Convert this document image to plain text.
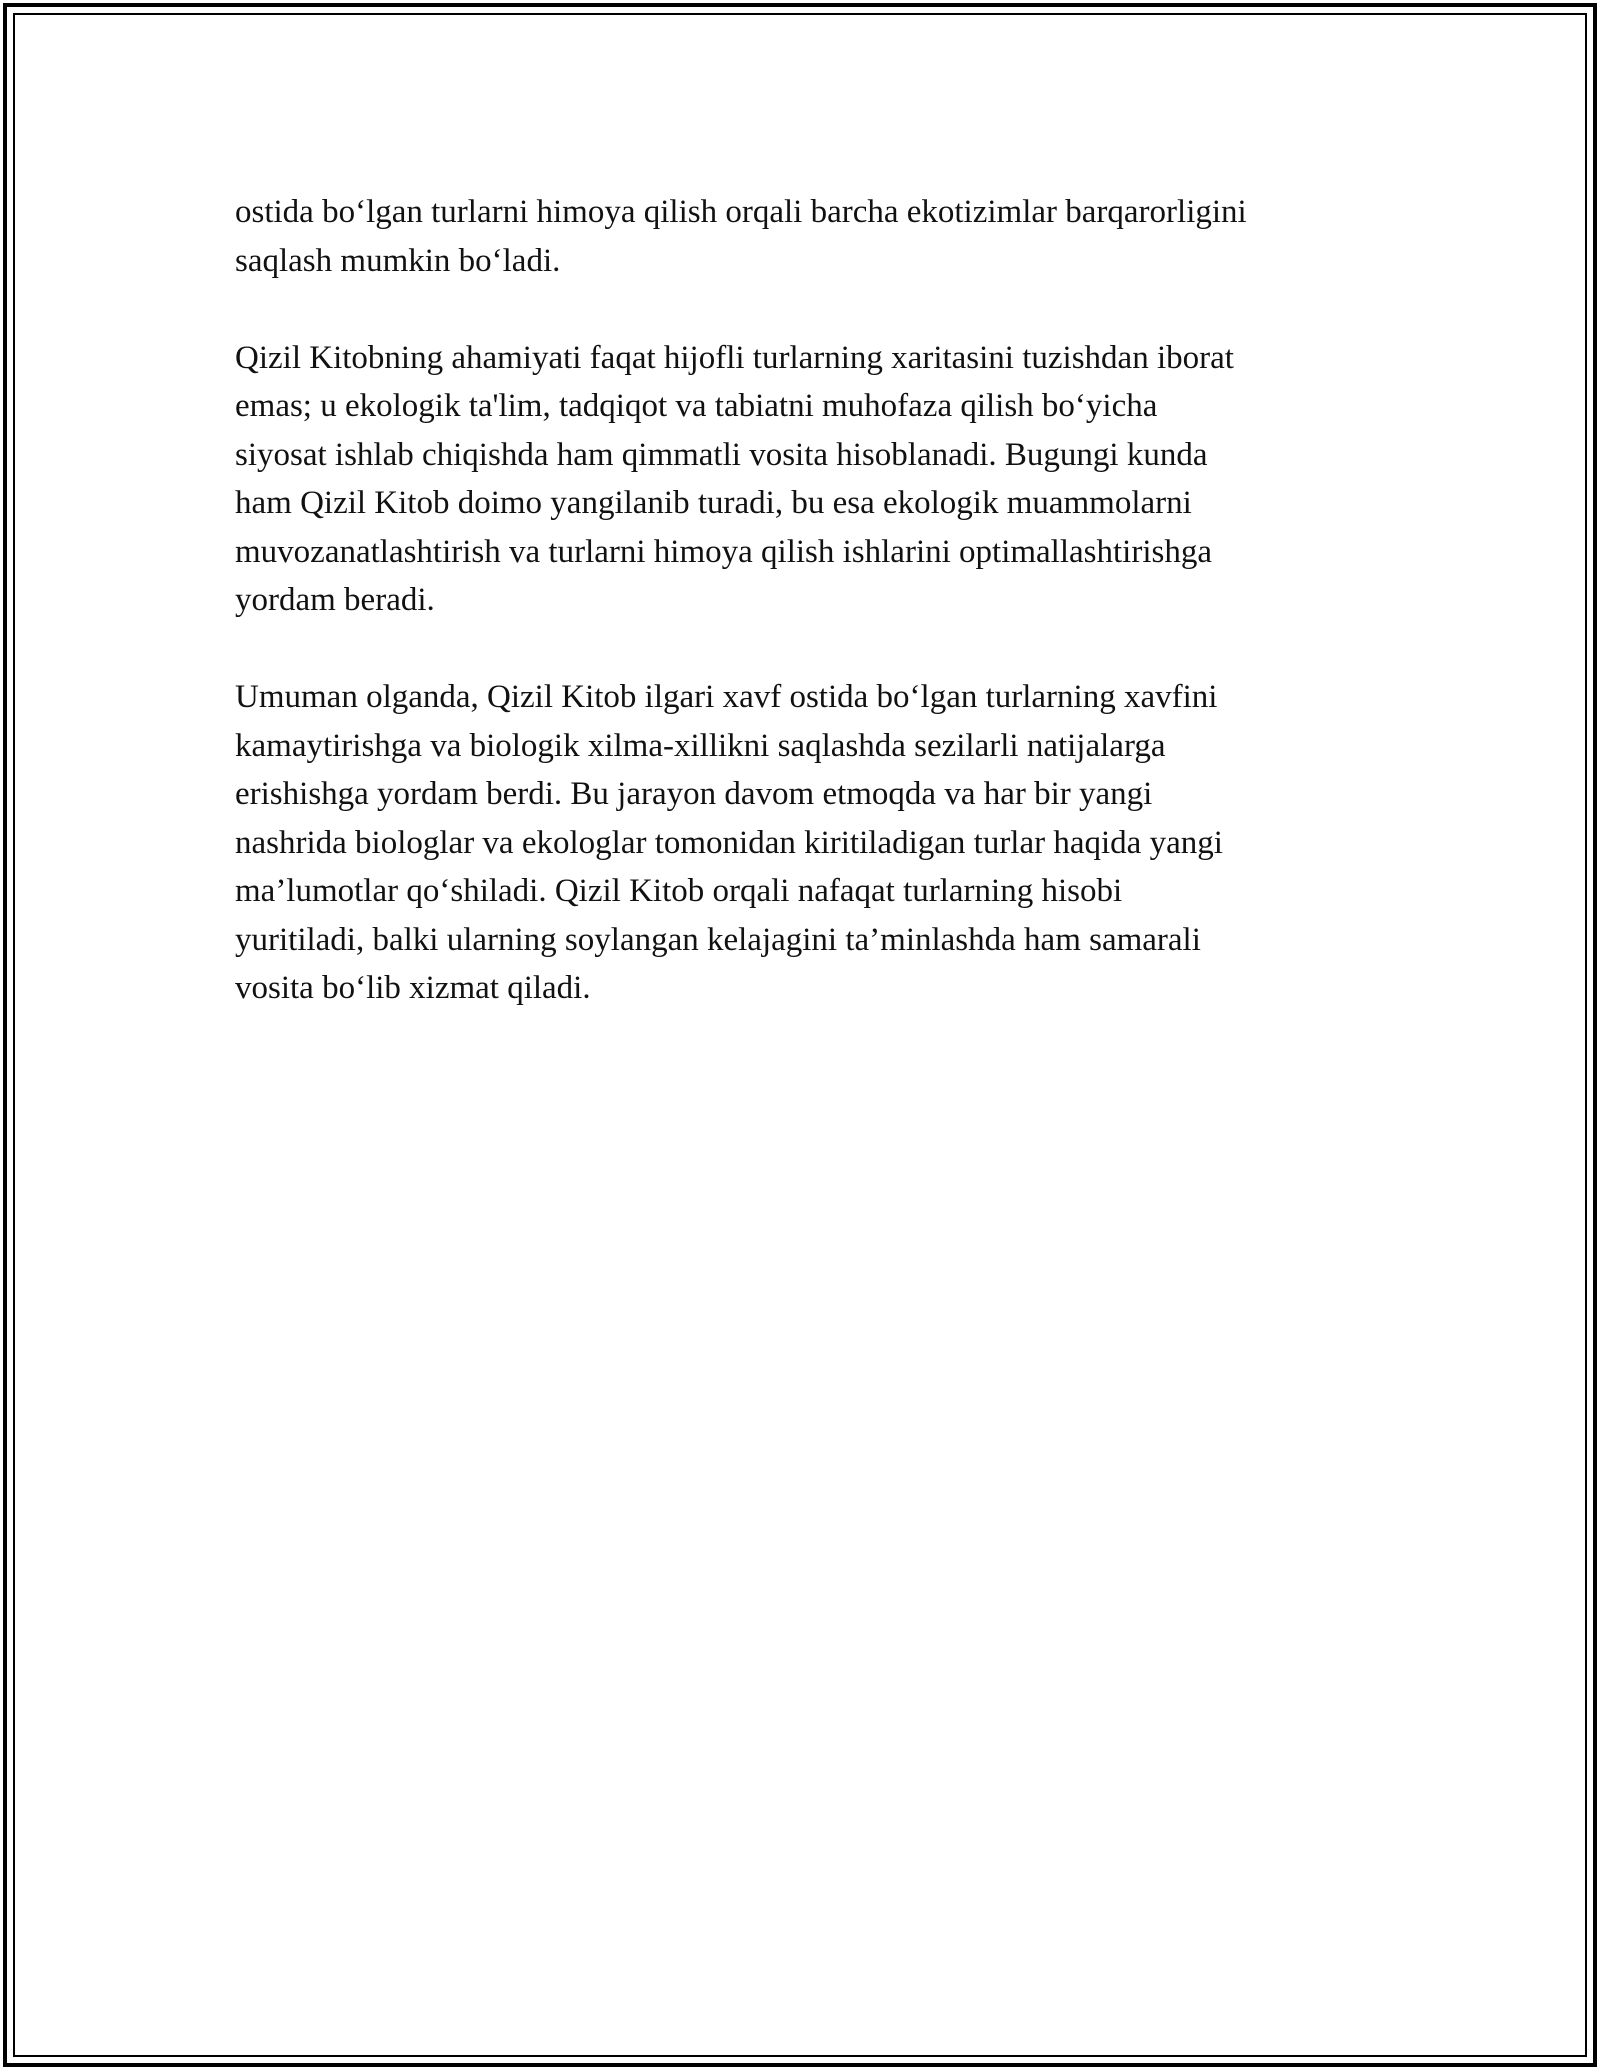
ostida bo‘lgan turlarni himoya qilish orqali barcha ekotizimlar barqarorligini
saqlash mumkin bo‘ladi.

Qizil Kitobning ahamiyati faqat hijofli turlarning xaritasini tuzishdan iborat
emas; u ekologik ta'lim, tadqiqot va tabiatni muhofaza qilish bo‘yicha
siyosat ishlab chiqishda ham qimmatli vosita hisoblanadi. Bugungi kunda
ham Qizil Kitob doimo yangilanib turadi, bu esa ekologik muammolarni
muvozanatlashtirish va turlarni himoya qilish ishlarini optimallashtirishga
yordam beradi.

Umuman olganda, Qizil Kitob ilgari xavf ostida bo‘lgan turlarning xavfini
kamaytirishga va biologik xilma-xillikni saqlashda sezilarli natijalarga
erishishga yordam berdi. Bu jarayon davom etmoqda va har bir yangi
nashrida biologlar va ekologlar tomonidan kiritiladigan turlar haqida yangi
ma’lumotlar qo‘shiladi. Qizil Kitob orqali nafaqat turlarning hisobi
yuritiladi, balki ularning soylangan kelajagini ta’minlashda ham samarali
vosita bo‘lib xizmat qiladi.
